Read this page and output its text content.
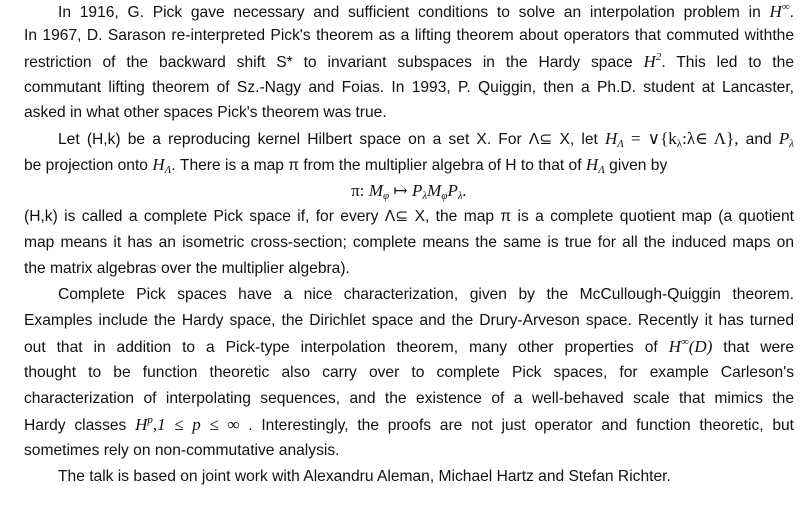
In 1916, G. Pick gave necessary and sufficient conditions to solve an interpolation problem in H∞.
In 1967, D. Sarason re-interpreted Pick's theorem as a lifting theorem about operators that commuted withthe
restriction of the backward shift S* to invariant subspaces in the Hardy space $H^2$. This led to the
commutant lifting theorem of Sz.-Nagy and Foias. In 1993, P. Quiggin, then a Ph.D. student at Lancaster,
asked in what other spaces Pick's theorem was true.
Let (H,k) be a reproducing kernel Hilbert space on a set X. For Λ⊆ X, let $H_\Lambda$ = $\vee\{k_\lambda:\lambda\in$ Λ}, and $P_\lambda$
be projection onto $H_\Lambda$. There is a map π from the multiplier algebra of H to that of $H_\Lambda$ given by
π: $M_\varphi$ ↦ $P_\lambda M_\varphi P_\lambda$.
(H,k) is called a complete Pick space if, for every Λ⊆ X, the map π is a complete quotient map (a quotient
map means it has an isometric cross-section; complete means the same is true for all the induced maps on
the matrix algebras over the multiplier algebra).
Complete Pick spaces have a nice characterization, given by the McCullough-Quiggin theorem.
Examples include the Hardy space, the Dirichlet space and the Drury-Arveson space. Recently it has turned
out that in addition to a Pick-type interpolation theorem, many other properties of H∞(D) that were
thought to be function theoretic also carry over to complete Pick spaces, for example Carleson's
characterization of interpolating sequences, and the existence of a well-behaved scale that mimics the
Hardy classes $H^p,1 \le p$ ≤ ∞ . Interestingly, the proofs are not just operator and function theoretic, but
sometimes rely on non-commutative analysis.
The talk is based on joint work with Alexandru Aleman, Michael Hartz and Stefan Richter.
